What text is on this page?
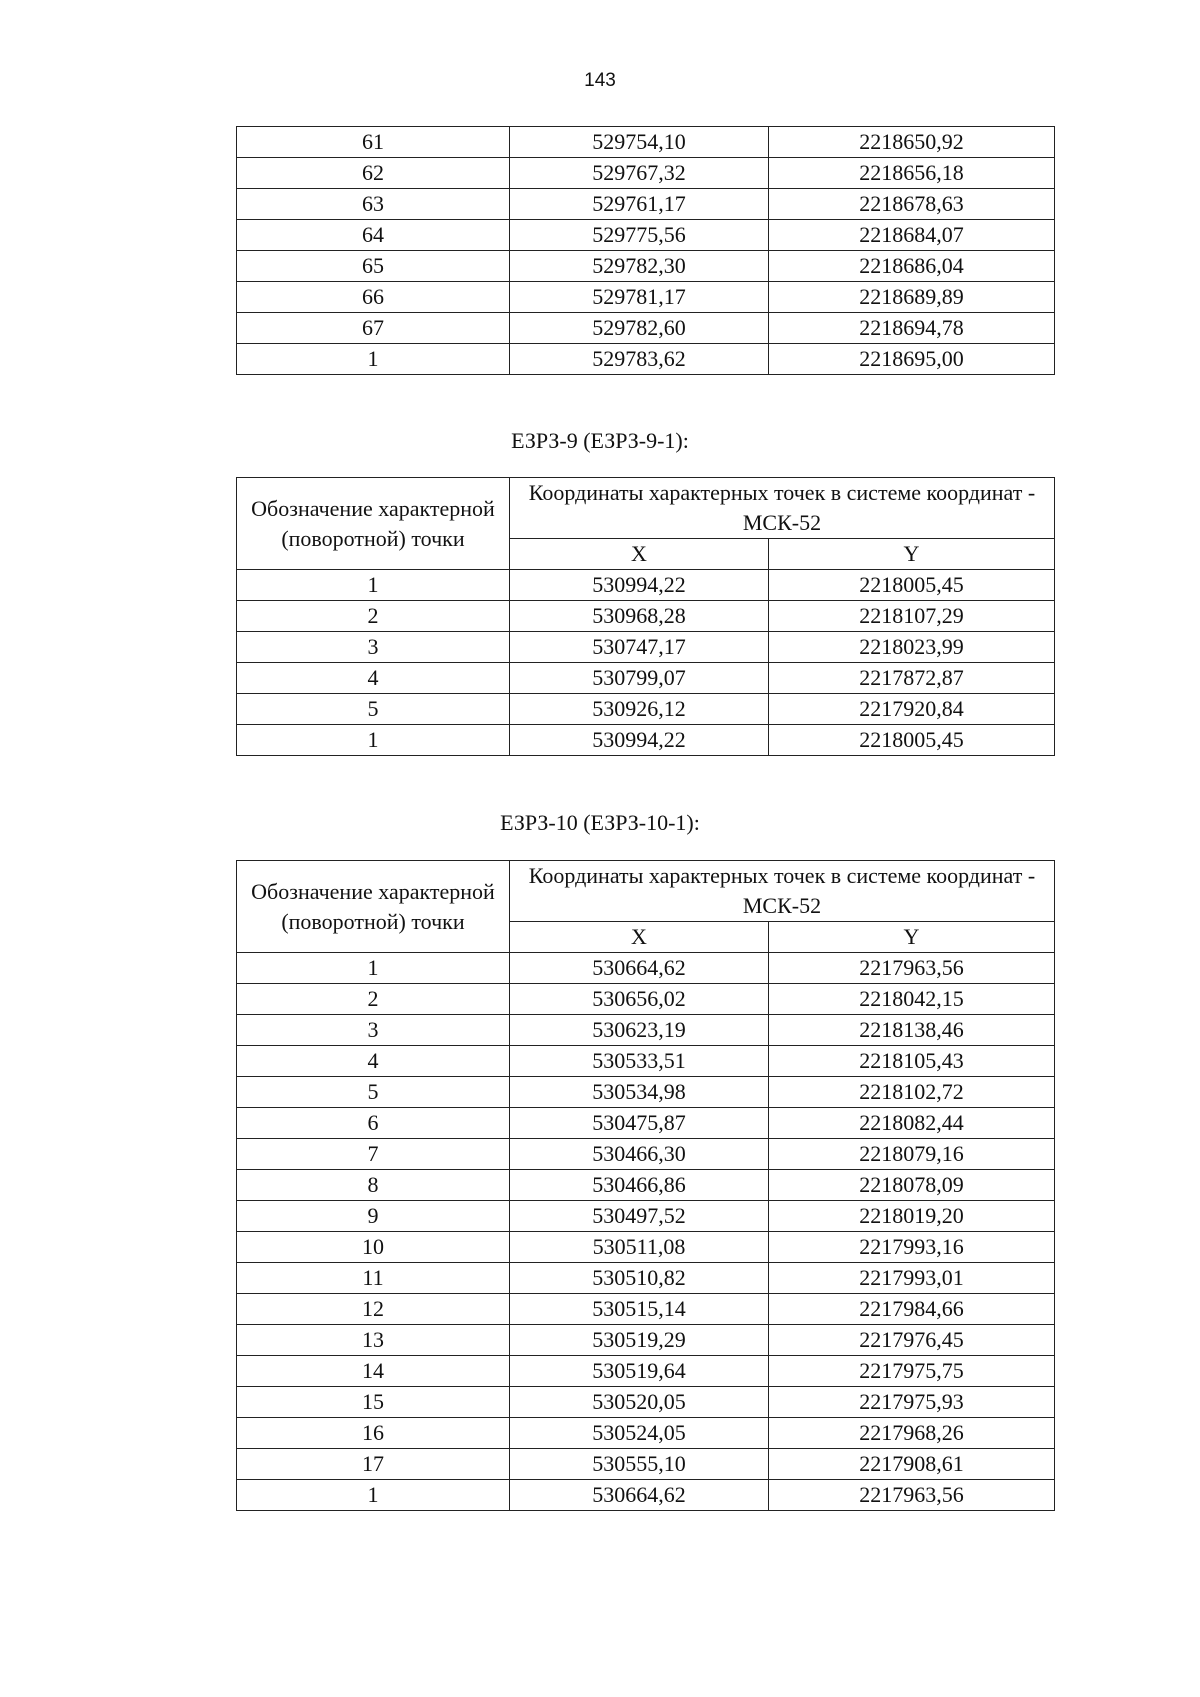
143
61	529754,10	2218650,92
62	529767,32	2218656,18
63	529761,17	2218678,63
64	529775,56	2218684,07
65	529782,30	2218686,04
66	529781,17	2218689,89
67	529782,60	2218694,78
1	529783,62	2218695,00
ЕЗРЗ-9 (ЕЗРЗ-9-1):
Обозначение характерной (поворотной) точки	Координаты характерных точек в системе координат - МСК-52	
	X	Y
1	530994,22	2218005,45
2	530968,28	2218107,29
3	530747,17	2218023,99
4	530799,07	2217872,87
5	530926,12	2217920,84
1	530994,22	2218005,45
ЕЗРЗ-10 (ЕЗРЗ-10-1):
Обозначение характерной (поворотной) точки	Координаты характерных точек в системе координат - МСК-52	
	X	Y
1	530664,62	2217963,56
2	530656,02	2218042,15
3	530623,19	2218138,46
4	530533,51	2218105,43
5	530534,98	2218102,72
6	530475,87	2218082,44
7	530466,30	2218079,16
8	530466,86	2218078,09
9	530497,52	2218019,20
10	530511,08	2217993,16
11	530510,82	2217993,01
12	530515,14	2217984,66
13	530519,29	2217976,45
14	530519,64	2217975,75
15	530520,05	2217975,93
16	530524,05	2217968,26
17	530555,10	2217908,61
1	530664,62	2217963,56
